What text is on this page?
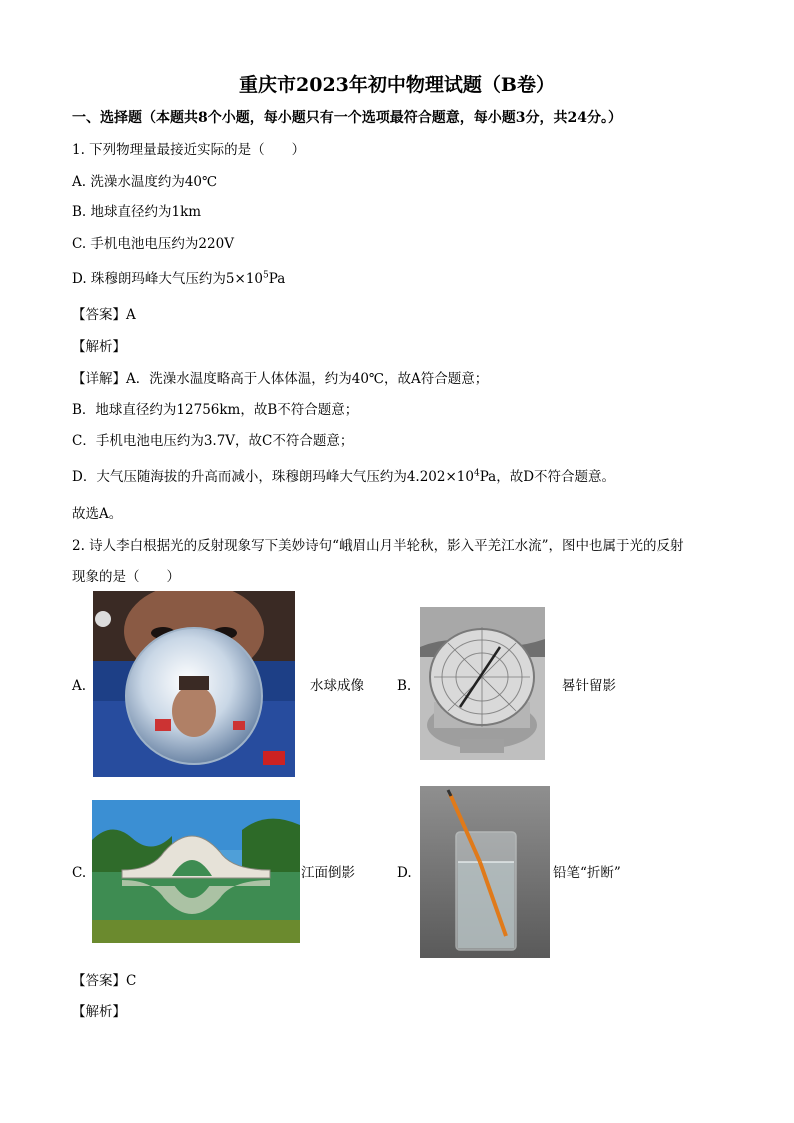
重庆市2023年初中物理试题（B卷）
一、选择题（本题共8个小题，每小题只有一个选项最符合题意，每小题3分，共24分。）
1. 下列物理量最接近实际的是（　　）
A. 洗澡水温度约为40℃
B. 地球直径约为1km
C. 手机电池电压约为220V
D. 珠穆朗玛峰大气压约为$5\times 10^5Pa$
【答案】A
【解析】
【详解】A．洗澡水温度略高于人体体温，约为40℃，故A符合题意；
B．地球直径约为12756km，故B不符合题意；
C．手机电池电压约为3.7V，故C不符合题意；
D．大气压随海拔的升高而减小，珠穆朗玛峰大气压约为$4.202\times 10^4Pa$，故D不符合题意。
故选A。
2. 诗人李白根据光的反射现象写下美妙诗句“峨眉山月半轮秋，影入平羌江水流”，图中也属于光的反射
现象的是（　　）
A.	水球成像 B.	晷针留影
C.	江面倒影	D.	铅笔“折断”
【答案】C
【解析】
